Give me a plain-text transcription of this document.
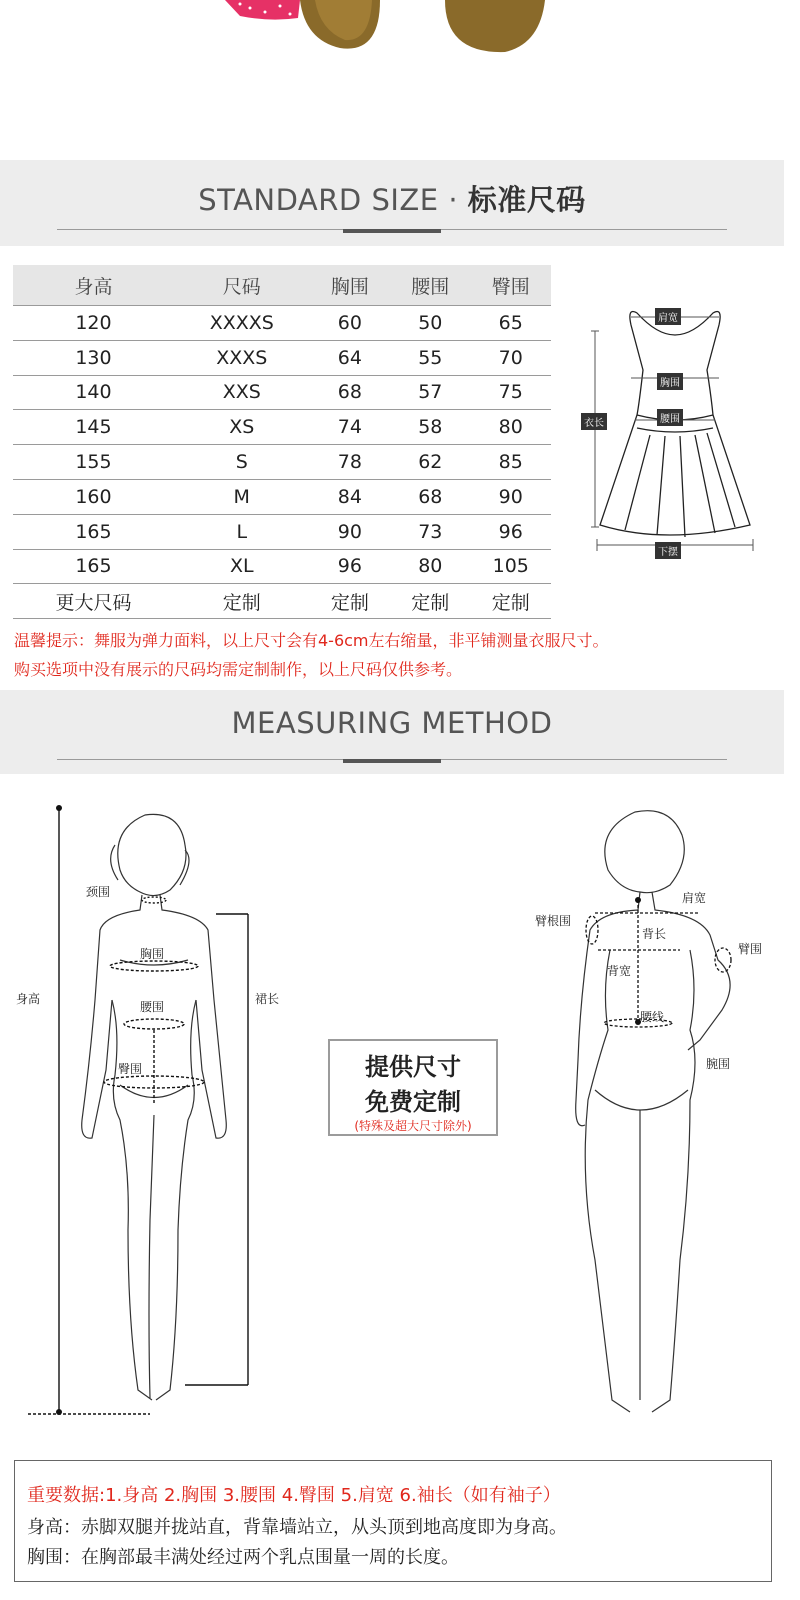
STANDARD SIZE · 标准尺码
身高	尺码	胸围	腰围	臀围
120	XXXXS	60	50	65
130	XXXS	64	55	70
140	XXS	68	57	75
145	XS	74	58	80
155	S	78	62	85
160	M	84	68	90
165	L	90	73	96
165	XL	96	80	105
更大尺码	定制	定制	定制	定制
肩宽
胸围
腰围
衣长
下摆
温馨提示：舞服为弹力面料，以上尺寸会有4-6cm左右缩量，非平铺测量衣服尺寸。
购买选项中没有展示的尺码均需定制制作，以上尺码仅供参考。
MEASURING METHOD
颈围
胸围
腰围
臀围
身高	裙长
提供尺寸
免费定制
(特殊及超大尺寸除外)
臂根围
肩宽
背长
臂围
背宽
腰线
腕围
重要数据:1.身高 2.胸围 3.腰围 4.臀围 5.肩宽 6.袖长（如有袖子）
身高：赤脚双腿并拢站直，背靠墙站立，从头顶到地高度即为身高。
胸围：在胸部最丰满处经过两个乳点围量一周的长度。
